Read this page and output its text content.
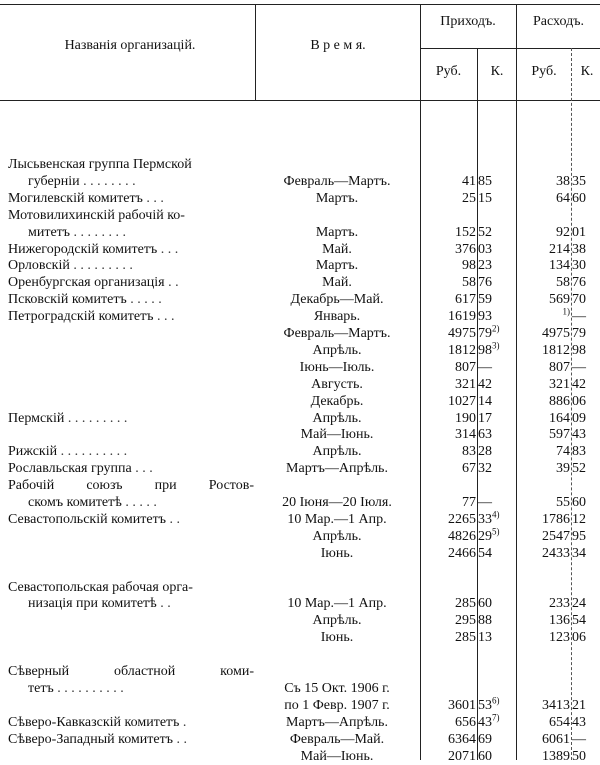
Названія организацій.	В р е м я.
Приходъ.	Расходъ.
Руб.	К.	Руб.	К.
Лысьвенская группа Пермской
губерніи . . . . . . . .	Февраль—Мартъ.	41 85	38 35
Могилевскій комитетъ . . .	Мартъ.	25 15	64 60
Мотовилихинскій рабочій ко-
митетъ . . . . . . . .	Мартъ.	152 52	92 01
Нижегородскій комитетъ . . .	Май.	376 03	214 38
Орловскій . . . . . . . . .	Мартъ.	98 23	134 30
Оренбургская организація . .	Май.	58 76	58 76
Псковскій комитетъ . . . . .	Декабрь—Май.	617 59	569 70
Петроградскій комитетъ . . .	Январь.	1619 93	$^{1)}$ —
Февраль—Мартъ.	4975 79$^{2)}$	4975 79
Апрѣль.	1812 98$^{3)}$	1812 98
Іюнь—Іюль.	807 —	807 —
Августь.	321 42	321 42
Декабрь.	1027 14	886 06
Пермскій . . . . . . . . .	Апрѣль.	190 17	164 09
Май—Іюнь.	314 63	597 43
Рижскій . . . . . . . . . .	Апрѣль.	83 28	74 83
Рославльская группа . . .	Мартъ—Апрѣль.	67 32	39 52
Рабочій союзъ при Ростов-
скомъ комитетѣ . . . . .	20 Іюня—20 Іюля.	77 —	55 60
Севастопольскій комитетъ . .	10 Мар.—1 Апр.	2265 33$^{4)}$	1786 12
Апрѣль.	4826 29$^{5)}$	2547 95
Іюнь.	2466 54	2433 34
Севастопольская рабочая орга-
низація при комитетѣ . .	10 Мар.—1 Апр.	285 60	233 24
Апрѣль.	295 88	136 54
Іюнь.	285 13	123 06
Сѣверный областной коми-
тетъ . . . . . . . . . .	Съ 15 Окт. 1906 г.
по 1 Февр. 1907 г.	3601 53$^{6)}$	3413 21
Сѣверо-Кавказскій комитетъ .	Мартъ—Апрѣль.	656 43$^{7)}$	654 43
Сѣверо-Западный комитетъ . .	Февраль—Май.	6364 69	6061 —
Май—Іюнь.	2071 60	1389 50
